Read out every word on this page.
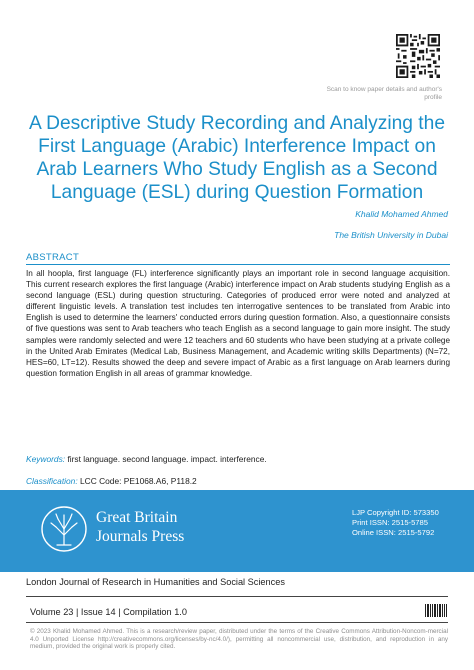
Scan to know paper details and author's profile
A Descriptive Study Recording and Analyzing the First Language (Arabic) Interference Impact on Arab Learners Who Study English as a Second Language (ESL) during Question Formation
Khalid Mohamed Ahmed
The British University in Dubai
ABSTRACT

In all hoopla, first language (FL) interference significantly plays an important role in second language acquisition. This current research explores the first language (Arabic) interference impact on Arab students studying English as a second language (ESL) during question structuring. Categories of produced error were noted and analyzed at different linguistic levels. A translation test includes ten interrogative sentences to be translated from Arabic into English is used to determine the learners' conducted errors during question formation. Also, a questionnaire consists of five questions was sent to Arab teachers who teach English as a second language to gain more insight. The study samples were randomly selected and were 12 teachers and 60 students who have been studying at a private college in the United Arab Emirates (Medical Lab, Business Management, and Academic writing skills Departments) (N=72, HES=60, LT=12). Results showed the deep and severe impact of Arabic as a first language on Arab learners during question formation English in all areas of grammar knowledge.

Keywords: first language. second language. impact. interference.
Classification: LCC Code: PE1068.A6, P118.2
Great Britain
Journals Press
LJP Copyright ID: 573350
Print ISSN: 2515-5785
Online ISSN: 2515-5792
London Journal of Research in Humanities and Social Sciences
Volume 23 | Issue 14 | Compilation 1.0

© 2023 Khalid Mohamed Ahmed. This is a research/review paper, distributed under the terms of the Creative Commons Attribution-Noncom-mercial 4.0 Unported License http://creativecommons.org/licenses/by-nc/4.0/), permitting all noncommercial use, distribution, and reproduction in any medium, provided the original work is properly cited.
